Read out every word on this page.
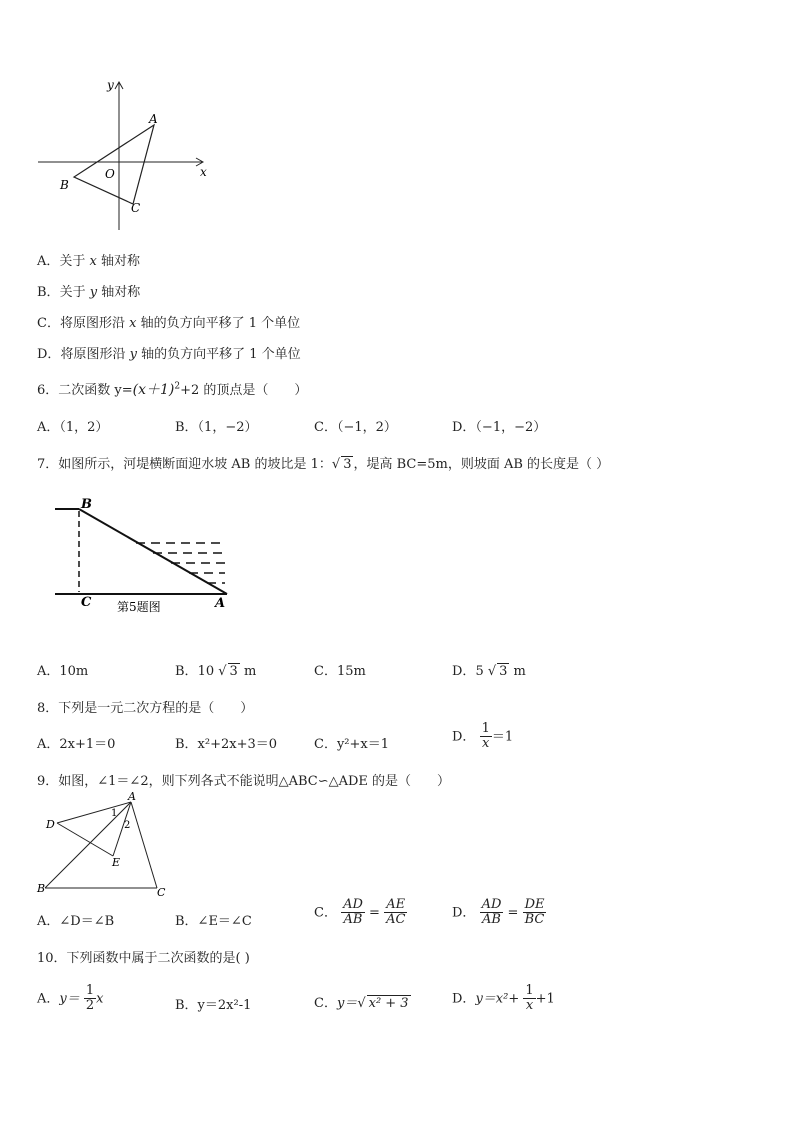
y
x
A
B
C
O
A．关于 x 轴对称
B．关于 y 轴对称
C．将原图形沿 x 轴的负方向平移了 1 个单位
D．将原图形沿 y 轴的负方向平移了 1 个单位
6．二次函数 $y=(x+1)^2+2$ 的顶点是（　　）
A．（1，2）	B．（1，−2）	C．（−1，2）	D．（−1，−2）
7．如图所示，河堤横断面迎水坡 AB 的坡比是 1：√ 3 ，堤高 BC=5m，则坡面 AB 的长度是（ ）
B
C	A
第5题图
A．10m	B．10 √ 3 m	C．15m	D．5 √ 3 m
8．下列是一元二次方程的是（　　）
A．2x+1＝0	B．x²+2x+3＝0	C．y²+x＝1
D． $\frac{1}{x} =1$
9．如图，∠1＝∠2，则下列各式不能说明△ABC∽△ADE 的是（　　）
A
D
E
B	C
1
2
A．∠D＝∠B	B．∠E＝∠C
C． $\frac{AD}{AB} = \frac{AE}{AC}$	D． $\frac{AD}{AB} = \frac{DE}{BC}$
10．下列函数中属于二次函数的是( )
A．$y= \frac{1}{2}$ x	B．y＝2x²-1	C．y＝√ x² + 3	D．$y=x^2+ \frac{1}{x} +1$
